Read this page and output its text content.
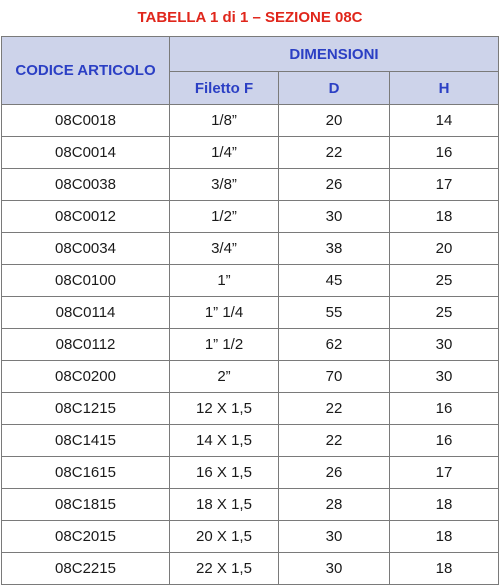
TABELLA 1 di 1 – SEZIONE 08C
CODICE ARTICOLO	DIMENSIONI		
	Filetto F	D	H
08C0018	1/8”	20	14
08C0014	1/4”	22	16
08C0038	3/8”	26	17
08C0012	1/2”	30	18
08C0034	3/4”	38	20
08C0100	1”	45	25
08C0114	1” 1/4	55	25
08C0112	1” 1/2	62	30
08C0200	2”	70	30
08C1215	12 X 1,5	22	16
08C1415	14 X 1,5	22	16
08C1615	16 X 1,5	26	17
08C1815	18 X 1,5	28	18
08C2015	20 X 1,5	30	18
08C2215	22 X 1,5	30	18
